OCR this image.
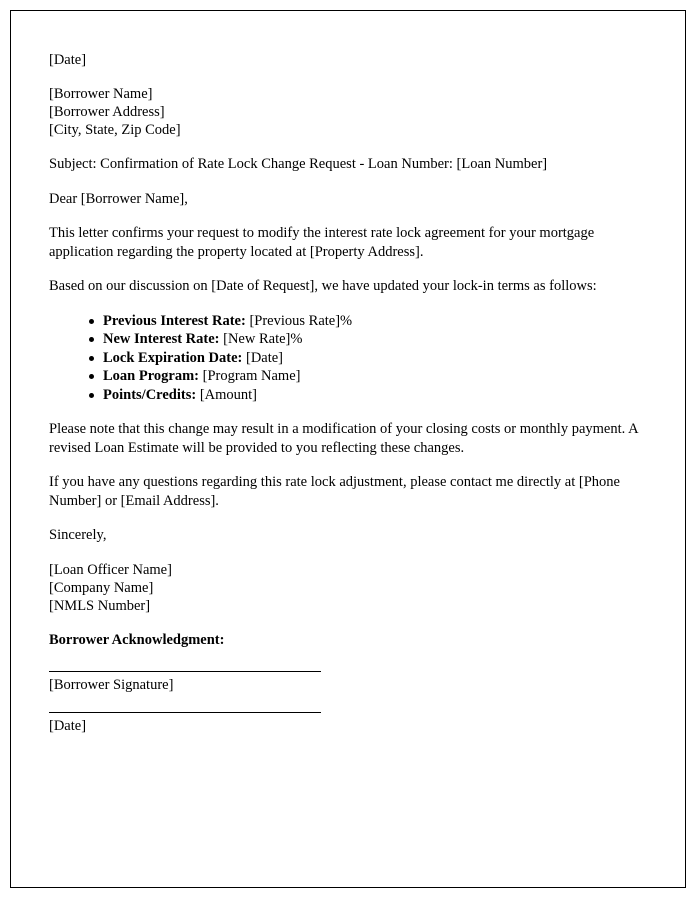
[Date]
[Borrower Name]
[Borrower Address]
[City, State, Zip Code]

Subject: Confirmation of Rate Lock Change Request - Loan Number: [Loan Number]

Dear [Borrower Name],

This letter confirms your request to modify the interest rate lock agreement for your mortgage application regarding the property located at [Property Address].

Based on our discussion on [Date of Request], we have updated your lock-in terms as follows:

Previous Interest Rate: [Previous Rate]%
New Interest Rate: [New Rate]%
Lock Expiration Date: [Date]
Loan Program: [Program Name]
Points/Credits: [Amount]

Please note that this change may result in a modification of your closing costs or monthly payment. A revised Loan Estimate will be provided to you reflecting these changes.

If you have any questions regarding this rate lock adjustment, please contact me directly at [Phone Number] or [Email Address].

Sincerely,

[Loan Officer Name]
[Company Name]
[NMLS Number]
Borrower Acknowledgment:
[Borrower Signature]
[Date]
